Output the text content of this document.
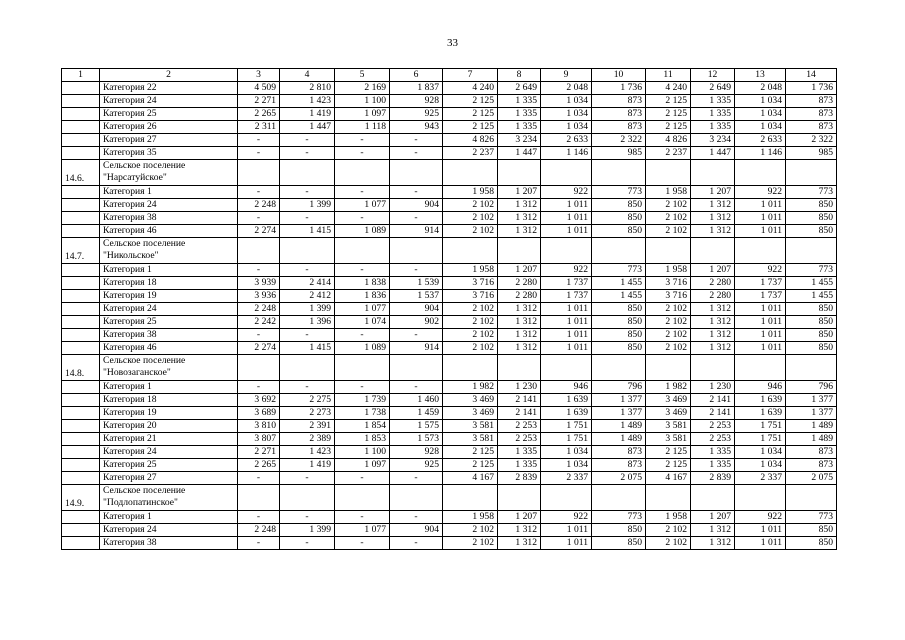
33
1	2	3	4	5	6	7	8	9	10	11	12	13	14
	Категория 22	4 509	2 810	2 169	1 837	4 240	2 649	2 048	1 736	4 240	2 649	2 048	1 736
	Категория 24	2 271	1 423	1 100	928	2 125	1 335	1 034	873	2 125	1 335	1 034	873
	Категория 25	2 265	1 419	1 097	925	2 125	1 335	1 034	873	2 125	1 335	1 034	873
	Категория 26	2 311	1 447	1 118	943	2 125	1 335	1 034	873	2 125	1 335	1 034	873
	Категория 27	-	-	-	-	4 826	3 234	2 633	2 322	4 826	3 234	2 633	2 322
	Категория 35	-	-	-	-	2 237	1 447	1 146	985	2 237	1 447	1 146	985
14.6.	Сельское поселение "Нарсатуйское"												
	Категория 1	-	-	-	-	1 958	1 207	922	773	1 958	1 207	922	773
	Категория 24	2 248	1 399	1 077	904	2 102	1 312	1 011	850	2 102	1 312	1 011	850
	Категория 38	-	-	-	-	2 102	1 312	1 011	850	2 102	1 312	1 011	850
	Категория 46	2 274	1 415	1 089	914	2 102	1 312	1 011	850	2 102	1 312	1 011	850
14.7.	Сельское поселение "Никольское"												
	Категория 1	-	-	-	-	1 958	1 207	922	773	1 958	1 207	922	773
	Категория 18	3 939	2 414	1 838	1 539	3 716	2 280	1 737	1 455	3 716	2 280	1 737	1 455
	Категория 19	3 936	2 412	1 836	1 537	3 716	2 280	1 737	1 455	3 716	2 280	1 737	1 455
	Категория 24	2 248	1 399	1 077	904	2 102	1 312	1 011	850	2 102	1 312	1 011	850
	Категория 25	2 242	1 396	1 074	902	2 102	1 312	1 011	850	2 102	1 312	1 011	850
	Категория 38	-	-	-	-	2 102	1 312	1 011	850	2 102	1 312	1 011	850
	Категория 46	2 274	1 415	1 089	914	2 102	1 312	1 011	850	2 102	1 312	1 011	850
14.8.	Сельское поселение "Новозаганское"												
	Категория 1	-	-	-	-	1 982	1 230	946	796	1 982	1 230	946	796
	Категория 18	3 692	2 275	1 739	1 460	3 469	2 141	1 639	1 377	3 469	2 141	1 639	1 377
	Категория 19	3 689	2 273	1 738	1 459	3 469	2 141	1 639	1 377	3 469	2 141	1 639	1 377
	Категория 20	3 810	2 391	1 854	1 575	3 581	2 253	1 751	1 489	3 581	2 253	1 751	1 489
	Категория 21	3 807	2 389	1 853	1 573	3 581	2 253	1 751	1 489	3 581	2 253	1 751	1 489
	Категория 24	2 271	1 423	1 100	928	2 125	1 335	1 034	873	2 125	1 335	1 034	873
	Категория 25	2 265	1 419	1 097	925	2 125	1 335	1 034	873	2 125	1 335	1 034	873
	Категория 27	-	-	-	-	4 167	2 839	2 337	2 075	4 167	2 839	2 337	2 075
14.9.	Сельское поселение "Подлопатинское"												
	Категория 1	-	-	-	-	1 958	1 207	922	773	1 958	1 207	922	773
	Категория 24	2 248	1 399	1 077	904	2 102	1 312	1 011	850	2 102	1 312	1 011	850
	Категория 38	-	-	-	-	2 102	1 312	1 011	850	2 102	1 312	1 011	850
